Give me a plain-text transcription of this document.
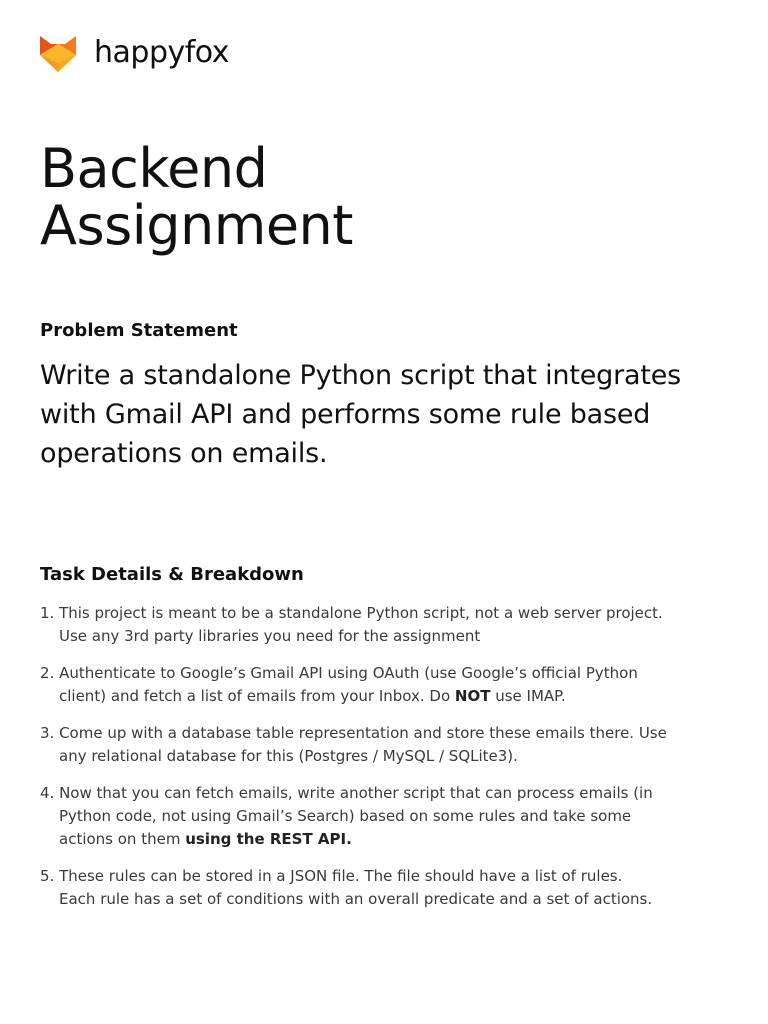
happyfox
Backend
Assignment
Problem Statement

Write a standalone Python script that integrates
with Gmail API and performs some rule based
operations on emails.

Task Details & Breakdown
1. This project is meant to be a standalone Python script, not a web server project.
Use any 3rd party libraries you need for the assignment
2. Authenticate to Google’s Gmail API using OAuth (use Google’s official Python
client) and fetch a list of emails from your Inbox. Do NOT use IMAP.
3. Come up with a database table representation and store these emails there. Use
any relational database for this (Postgres / MySQL / SQLite3).
4. Now that you can fetch emails, write another script that can process emails (in
Python code, not using Gmail’s Search) based on some rules and take some
actions on them using the REST API.
5. These rules can be stored in a JSON file. The file should have a list of rules.
Each rule has a set of conditions with an overall predicate and a set of actions.
